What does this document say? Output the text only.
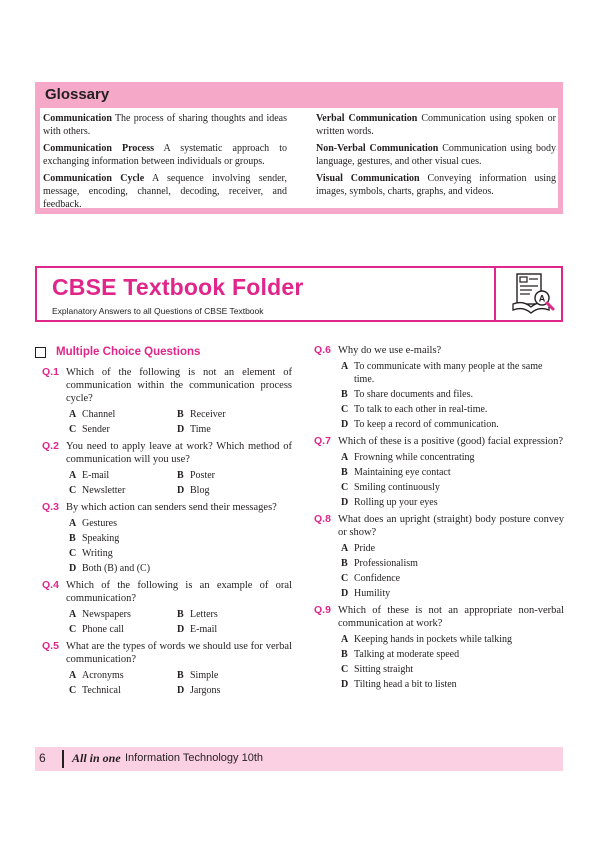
Glossary

Communication The process of sharing thoughts and ideas with others.

Communication Process A systematic approach to exchanging information between individuals or groups.

Communication Cycle A sequence involving sender, message, encoding, channel, decoding, receiver, and feedback.

Verbal Communication Communication using spoken or written words.

Non-Verbal Communication Communication using body language, gestures, and other visual cues.

Visual Communication Conveying information using images, symbols, charts, graphs, and videos.

CBSE Textbook Folder
Explanatory Answers to all Questions of CBSE Textbook
A
Multiple Choice Questions
Q.1 Which of the following is not an element of communication within the communication process cycle?
A Channel	B Receiver
C Sender	D Time
Q.2 You need to apply leave at work? Which method of communication will you use?
A E-mail	B Poster
C Newsletter	D Blog
Q.3 By which action can senders send their messages?
A Gestures
B Speaking
C Writing
D Both (B) and (C)
Q.4 Which of the following is an example of oral communication?
A Newspapers	B Letters
C Phone call	D E-mail
Q.5 What are the types of words we should use for verbal communication?
A Acronyms	B Simple
C Technical	D Jargons
Q.6 Why do we use e-mails?
A To communicate with many people at the same time.
B To share documents and files.
C To talk to each other in real-time.
D To keep a record of communication.
Q.7 Which of these is a positive (good) facial expression?
A Frowning while concentrating
B Maintaining eye contact
C Smiling continuously
D Rolling up your eyes
Q.8 What does an upright (straight) body posture convey or show?
A Pride
B Professionalism
C Confidence
D Humility
Q.9 Which of these is not an appropriate non-verbal communication at work?
A Keeping hands in pockets while talking
B Talking at moderate speed
C Sitting straight
D Tilting head a bit to listen
6 All in one Information Technology 10th
